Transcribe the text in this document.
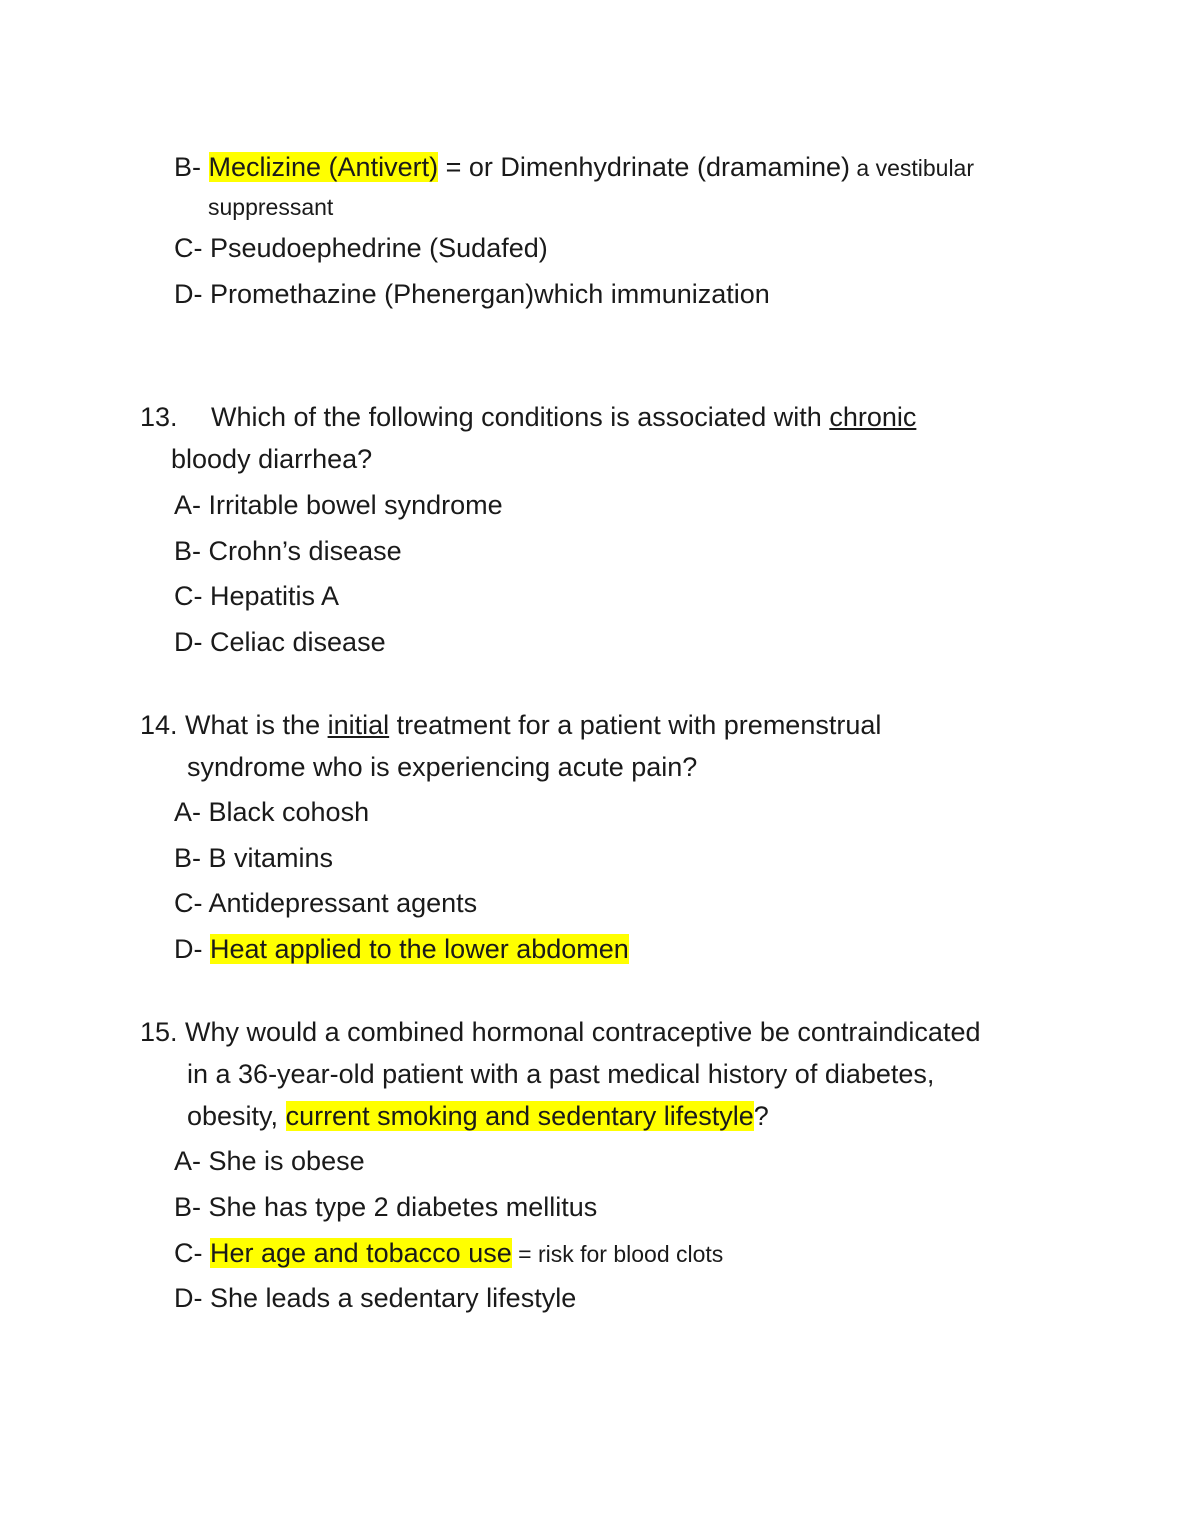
B- Meclizine (Antivert) = or Dimenhydrinate (dramamine) a vestibular
suppressant
C- Pseudoephedrine (Sudafed)
D- Promethazine (Phenergan)which immunization
13. Which of the following conditions is associated with chronic
bloody diarrhea?
A- Irritable bowel syndrome
B- Crohn’s disease
C- Hepatitis A
D- Celiac disease
14. What is the initial treatment for a patient with premenstrual
syndrome who is experiencing acute pain?
A- Black cohosh
B- B vitamins
C- Antidepressant agents
D- Heat applied to the lower abdomen
15. Why would a combined hormonal contraceptive be contraindicated
in a 36-year-old patient with a past medical history of diabetes,
obesity, current smoking and sedentary lifestyle?
A- She is obese
B- She has type 2 diabetes mellitus
C- Her age and tobacco use = risk for blood clots
D- She leads a sedentary lifestyle
